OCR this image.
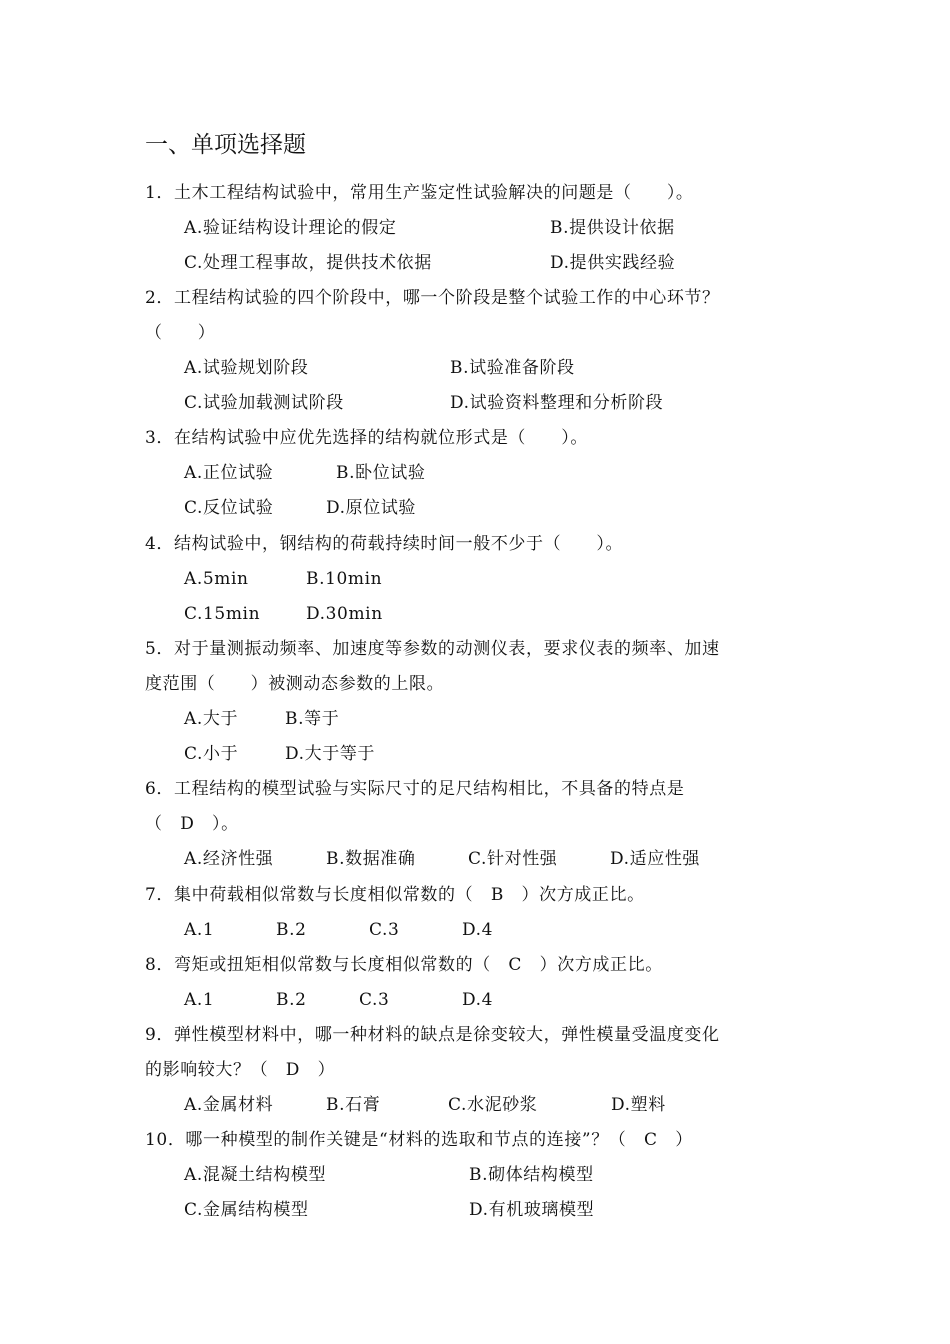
一、单项选择题
1．土木工程结构试验中，常用生产鉴定性试验解决的问题是（　　）。
A.验证结构设计理论的假定	B.提供设计依据
C.处理工程事故，提供技术依据	D.提供实践经验
2．工程结构试验的四个阶段中，哪一个阶段是整个试验工作的中心环节？
（　　）
A.试验规划阶段	B.试验准备阶段
C.试验加载测试阶段	D.试验资料整理和分析阶段
3．在结构试验中应优先选择的结构就位形式是（　　）。
A.正位试验	B.卧位试验
C.反位试验	D.原位试验
4．结构试验中，钢结构的荷载持续时间一般不少于（　　）。
A.5min	B.10min
C.15min	D.30min
5．对于量测振动频率、加速度等参数的动测仪表，要求仪表的频率、加速
度范围（　　）被测动态参数的上限。
A.大于	B.等于
C.小于	D.大于等于
6．工程结构的模型试验与实际尺寸的足尺结构相比，不具备的特点是
（　D　）。
A.经济性强	B.数据准确	C.针对性强	D.适应性强
7．集中荷载相似常数与长度相似常数的（　B　）次方成正比。
A.1	B.2	C.3	D.4
8．弯矩或扭矩相似常数与长度相似常数的（　C　）次方成正比。
A.1	B.2	C.3	D.4
9．弹性模型材料中，哪一种材料的缺点是徐变较大，弹性模量受温度变化
的影响较大？（　D　）
A.金属材料	B.石膏	C.水泥砂浆	D.塑料
10．哪一种模型的制作关键是“材料的选取和节点的连接”？（　C　）
A.混凝土结构模型	B.砌体结构模型
C.金属结构模型	D.有机玻璃模型
